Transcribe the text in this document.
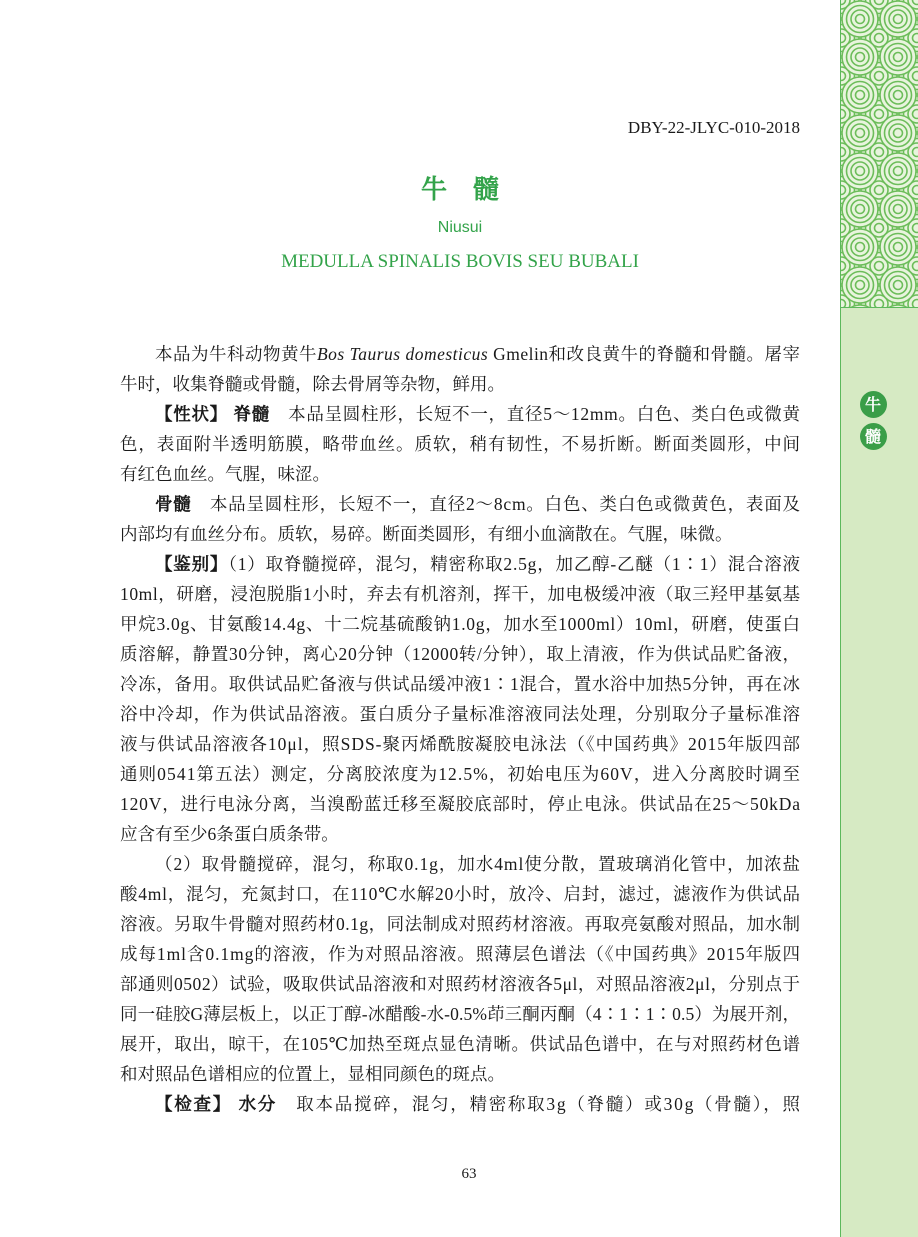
DBY-22-JLYC-010-2018
牛　髓
Niusui
MEDULLA SPINALIS BOVIS SEU BUBALI
本品为牛科动物黄牛Bos Taurus domesticus Gmelin和改良黄牛的脊髓和骨髓。屠宰
牛时，收集脊髓或骨髓，除去骨屑等杂物，鲜用。
【性状】 脊髓　本品呈圆柱形，长短不一，直径5～12mm。白色、类白色或微黄
色，表面附半透明筋膜，略带血丝。质软，稍有韧性，不易折断。断面类圆形，中间
有红色血丝。气腥，味涩。
骨髓　本品呈圆柱形，长短不一，直径2～8cm。白色、类白色或微黄色，表面及
内部均有血丝分布。质软，易碎。断面类圆形，有细小血滴散在。气腥，味微。
【鉴别】（1）取脊髓搅碎，混匀，精密称取2.5g，加乙醇-乙醚（1∶1）混合溶液
10ml，研磨，浸泡脱脂1小时，弃去有机溶剂，挥干，加电极缓冲液（取三羟甲基氨基
甲烷3.0g、甘氨酸14.4g、十二烷基硫酸钠1.0g，加水至1000ml）10ml，研磨，使蛋白
质溶解，静置30分钟，离心20分钟（12000转/分钟），取上清液，作为供试品贮备液，
冷冻，备用。取供试品贮备液与供试品缓冲液1∶1混合，置水浴中加热5分钟，再在冰
浴中冷却，作为供试品溶液。蛋白质分子量标准溶液同法处理，分别取分子量标准溶
液与供试品溶液各10μl，照SDS-聚丙烯酰胺凝胶电泳法（《中国药典》2015年版四部
通则0541第五法）测定，分离胶浓度为12.5%，初始电压为60V，进入分离胶时调至
120V，进行电泳分离，当溴酚蓝迁移至凝胶底部时，停止电泳。供试品在25～50kDa
应含有至少6条蛋白质条带。
（2）取骨髓搅碎，混匀，称取0.1g，加水4ml使分散，置玻璃消化管中，加浓盐
酸4ml，混匀，充氮封口，在110℃水解20小时，放冷、启封，滤过，滤液作为供试品
溶液。另取牛骨髓对照药材0.1g，同法制成对照药材溶液。再取亮氨酸对照品，加水制
成每1ml含0.1mg的溶液，作为对照品溶液。照薄层色谱法（《中国药典》2015年版四
部通则0502）试验，吸取供试品溶液和对照药材溶液各5μl，对照品溶液2μl，分别点于
同一硅胶G薄层板上，以正丁醇-冰醋酸-水-0.5%茚三酮丙酮（4∶1∶1∶0.5）为展开剂，
展开，取出，晾干，在105℃加热至斑点显色清晰。供试品色谱中，在与对照药材色谱
和对照品色谱相应的位置上，显相同颜色的斑点。
【检查】 水分　取本品搅碎，混匀，精密称取3g（脊髓）或30g（骨髓），照
63
牛
髓
